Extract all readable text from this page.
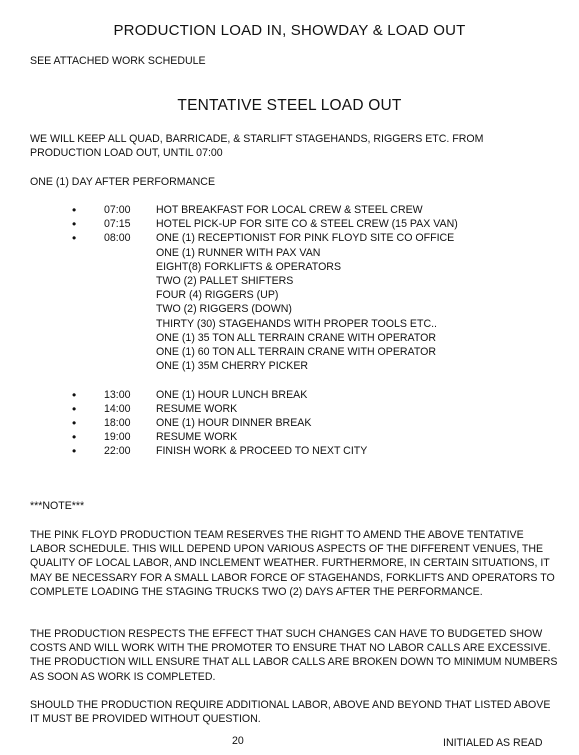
PRODUCTION LOAD IN, SHOWDAY & LOAD OUT
SEE ATTACHED WORK SCHEDULE
TENTATIVE STEEL LOAD OUT
WE WILL KEEP ALL QUAD, BARRICADE, & STARLIFT STAGEHANDS, RIGGERS ETC. FROM
PRODUCTION LOAD OUT, UNTIL 07:00
ONE (1) DAY AFTER PERFORMANCE
•	07:00	HOT BREAKFAST FOR LOCAL CREW & STEEL CREW
•	07:15	HOTEL PICK-UP FOR SITE CO & STEEL CREW (15 PAX VAN)
•	08:00	ONE (1) RECEPTIONIST FOR PINK FLOYD SITE CO OFFICE
ONE (1) RUNNER WITH PAX VAN
EIGHT(8) FORKLIFTS & OPERATORS
TWO (2) PALLET SHIFTERS
FOUR (4) RIGGERS (UP)
TWO (2) RIGGERS (DOWN)
THIRTY (30) STAGEHANDS WITH PROPER TOOLS ETC..
ONE (1) 35 TON ALL TERRAIN CRANE WITH OPERATOR
ONE (1) 60 TON ALL TERRAIN CRANE WITH OPERATOR
ONE (1) 35M CHERRY PICKER
•	13:00	ONE (1) HOUR LUNCH BREAK
•	14:00	RESUME WORK
•	18:00	ONE (1) HOUR DINNER BREAK
•	19:00	RESUME WORK
•	22:00	FINISH WORK & PROCEED TO NEXT CITY
***NOTE***
THE PINK FLOYD PRODUCTION TEAM RESERVES THE RIGHT TO AMEND THE ABOVE TENTATIVE LABOR SCHEDULE. THIS WILL DEPEND UPON VARIOUS ASPECTS OF THE DIFFERENT VENUES, THE QUALITY OF LOCAL LABOR, AND INCLEMENT WEATHER. FURTHERMORE, IN CERTAIN SITUATIONS, IT MAY BE NECESSARY FOR A SMALL LABOR FORCE OF STAGEHANDS, FORKLIFTS AND OPERATORS TO COMPLETE LOADING THE STAGING TRUCKS TWO (2) DAYS AFTER THE PERFORMANCE.
THE PRODUCTION RESPECTS THE EFFECT THAT SUCH CHANGES CAN HAVE TO BUDGETED SHOW COSTS AND WILL WORK WITH THE PROMOTER TO ENSURE THAT NO LABOR CALLS ARE EXCESSIVE. THE PRODUCTION WILL ENSURE THAT ALL LABOR CALLS ARE BROKEN DOWN TO MINIMUM NUMBERS AS SOON AS WORK IS COMPLETED.
SHOULD THE PRODUCTION REQUIRE ADDITIONAL LABOR, ABOVE AND BEYOND THAT LISTED ABOVE IT MUST BE PROVIDED WITHOUT QUESTION.
20	INITIALED AS READ
